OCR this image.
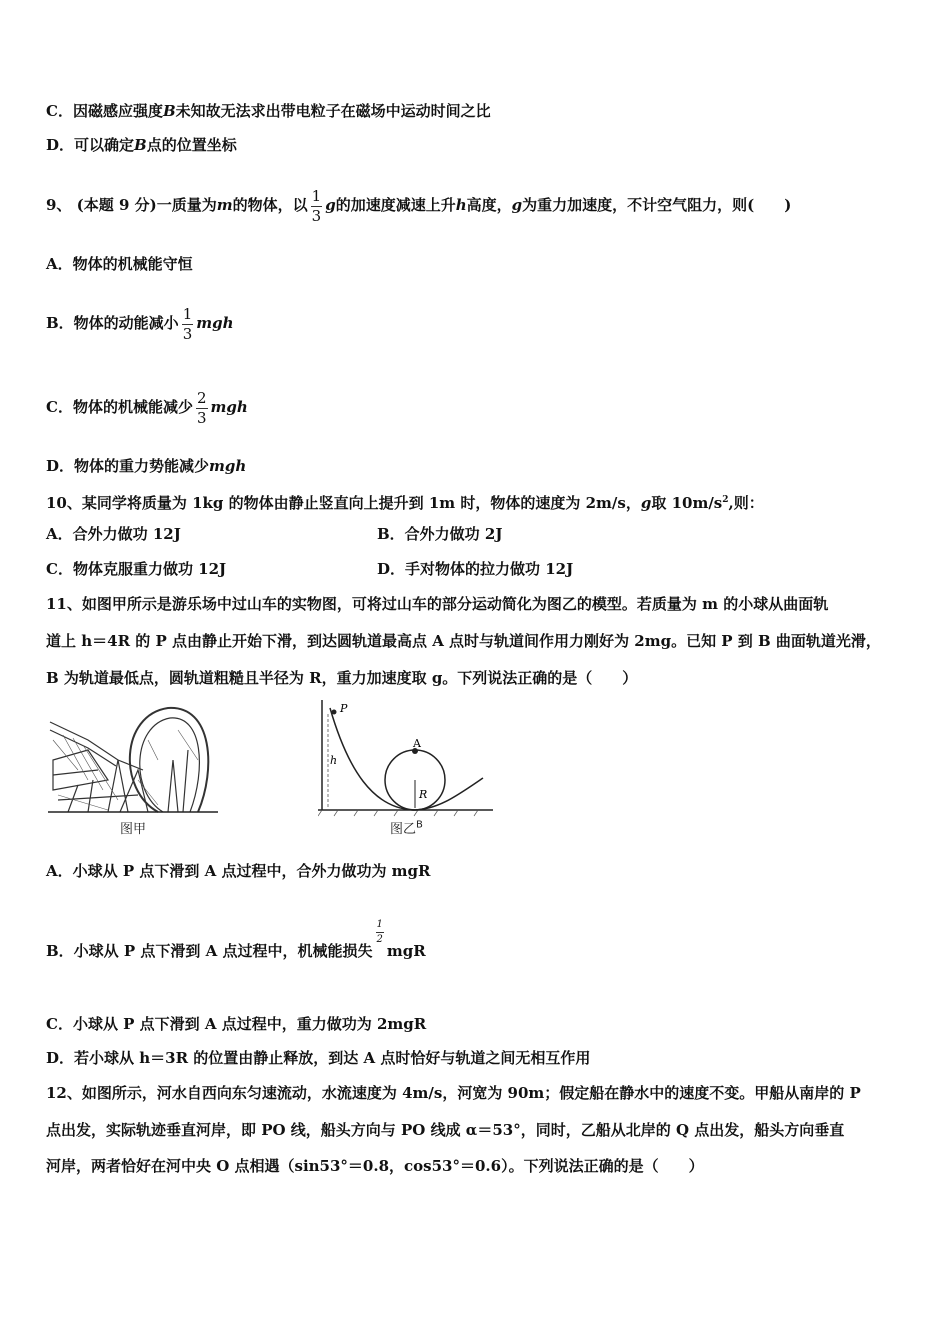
C．因磁感应强度B未知故无法求出带电粒子在磁场中运动时间之比
D．可以确定B点的位置坐标
9、 (本题 9 分)一质量为m的物体，以 $\frac{1}{3}$ g的加速度减速上升h高度，g为重力加速度，不计空气阻力，则(　　)
A．物体的机械能守恒
B．物体的动能减小 $\frac{1}{3}$ mgh
C．物体的机械能减少 $\frac{2}{3}$ mgh
D．物体的重力势能减少mgh
10、某同学将质量为 1kg 的物体由静止竖直向上提升到 1m 时，物体的速度为 2m/s，g取 $10m/s^2$,则：
A．合外力做功 12J	B．合外力做功 2J
C．物体克服重力做功 12J	D．手对物体的拉力做功 12J
11、如图甲所示是游乐场中过山车的实物图，可将过山车的部分运动简化为图乙的模型。若质量为 m 的小球从曲面轨
道上 h＝4R 的 P 点由静止开始下滑，到达圆轨道最高点 A 点时与轨道间作用力刚好为 2mg。已知 P 到 B 曲面轨道光滑，
B 为轨道最低点，圆轨道粗糙且半径为 R，重力加速度取 g。下列说法正确的是（　　）
图甲
P
h
A
R
图乙$^B$
A．小球从 P 点下滑到 A 点过程中，合外力做功为 mgR
B．小球从 P 点下滑到 A 点过程中，机械能损失
$\frac{1}{2}$
mgR
C．小球从 P 点下滑到 A 点过程中，重力做功为 2mgR
D．若小球从 h＝3R 的位置由静止释放，到达 A 点时恰好与轨道之间无相互作用
12、如图所示，河水自西向东匀速流动，水流速度为 4m/s，河宽为 90m；假定船在静水中的速度不变。甲船从南岸的 P
点出发，实际轨迹垂直河岸，即 PO 线，船头方向与 PO 线成 α＝53°，同时，乙船从北岸的 Q 点出发，船头方向垂直
河岸，两者恰好在河中央 O 点相遇（sin53°＝0.8，cos53°＝0.6）。下列说法正确的是（　　）
